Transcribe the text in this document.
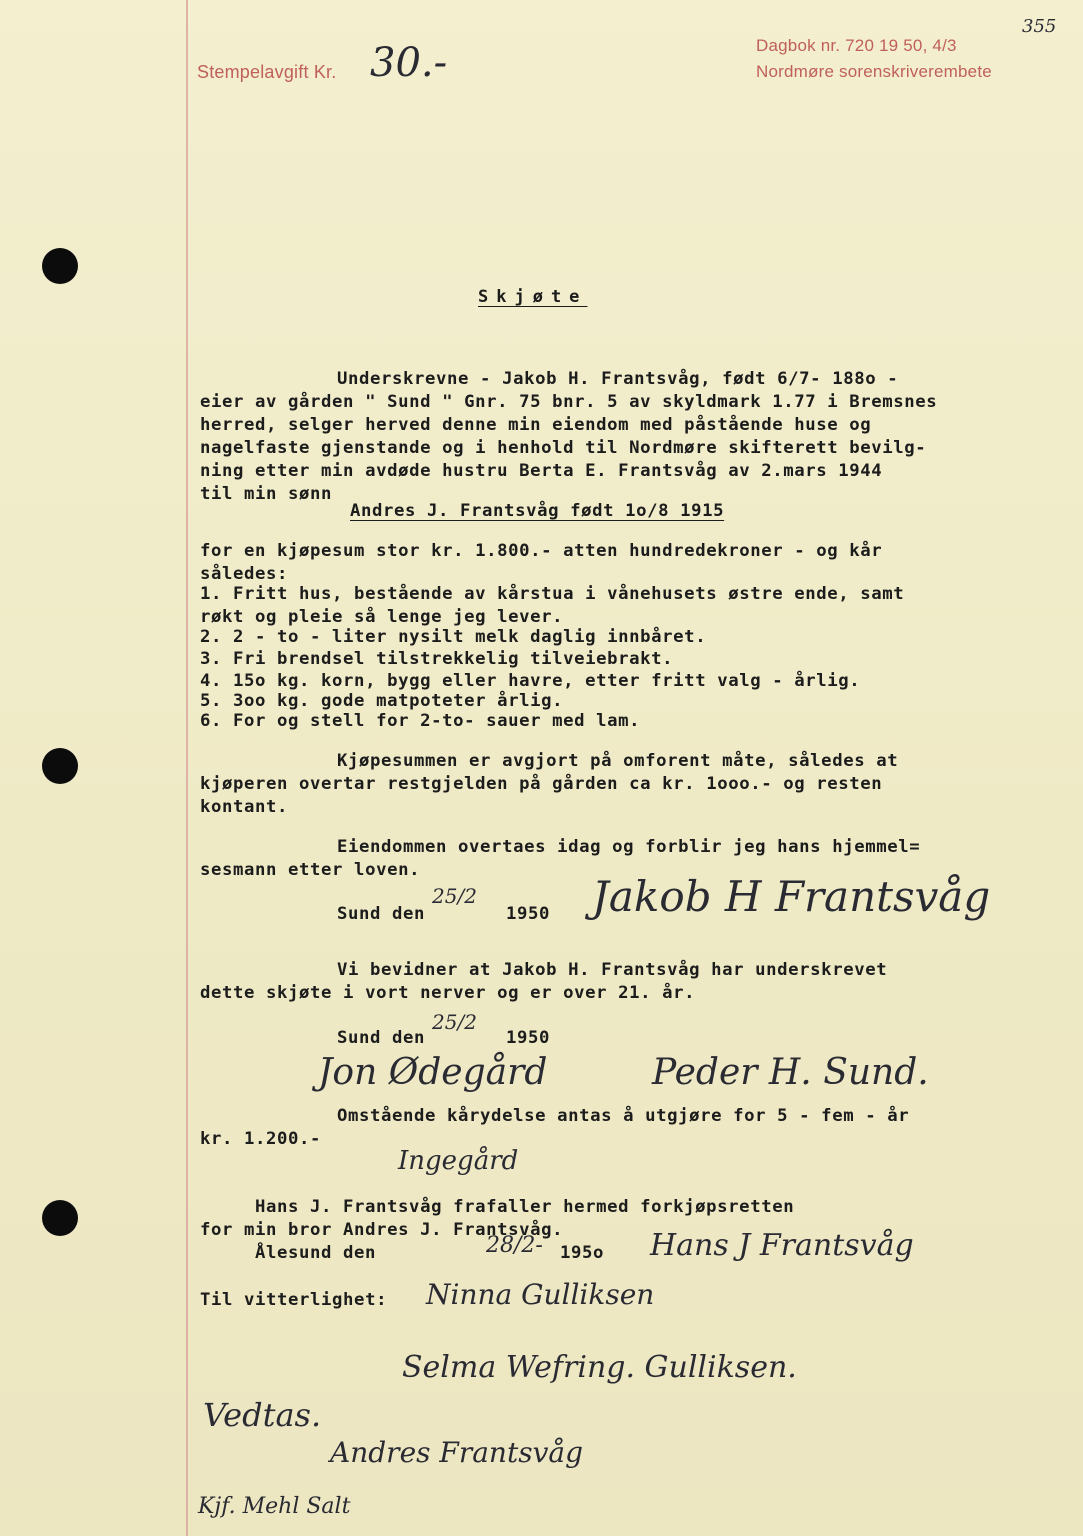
Stempelavgift Kr. 30.-	Dagbok nr. 720 19 50, 4/3
Nordmøre sorenskriverembete
355
Skjøte
Underskrevne - Jakob H. Frantsvåg, født 6/7- 188o -
eier av gården " Sund " Gnr. 75 bnr. 5 av skyldmark 1.77 i Bremsnes
herred, selger herved denne min eiendom med påstående huse og
nagelfaste gjenstande og i henhold til Nordmøre skifterett bevilg-
ning etter min avdøde hustru Berta E. Frantsvåg av 2.mars 1944
til min sønn
Andres J. Frantsvåg født 1o/8 1915
for en kjøpesum stor kr. 1.800.- atten hundredekroner - og kår
således:
1. Fritt hus, bestående av kårstua i vånehusets østre ende, samt
røkt og pleie så lenge jeg lever.
2. 2 - to - liter nysilt melk daglig innbåret.
3. Fri brendsel tilstrekkelig tilveiebrakt.
4. 15o kg. korn, bygg eller havre, etter fritt valg - årlig.
5. 3oo kg. gode matpoteter årlig.
6. For og stell for 2-to- sauer med lam.
Kjøpesummen er avgjort på omforent måte, således at
kjøperen overtar restgjelden på gården ca kr. 1ooo.- og resten
kontant.
Eiendommen overtaes idag og forblir jeg hans hjemmel=
sesmann etter loven.
Sund den
25/2
1950 Jakob H Frantsvåg
Vi bevidner at Jakob H. Frantsvåg har underskrevet
dette skjøte i vort nerver og er over 21. år.
Sund den
25/2
1950
Jon Ødegård	Peder H. Sund.
Omstående kårydelse antas å utgjøre for 5 - fem - år
kr. 1.200.-
Ingegård
Hans J. Frantsvåg frafaller hermed forkjøpsretten
for min bror Andres J. Frantsvåg.
Ålesund den	28/2- 195o Hans J Frantsvåg
Til vitterlighet: Ninna Gulliksen
Selma Wefring. Gulliksen.
Vedtas.
Andres Frantsvåg
Kjf. Mehl Salt
